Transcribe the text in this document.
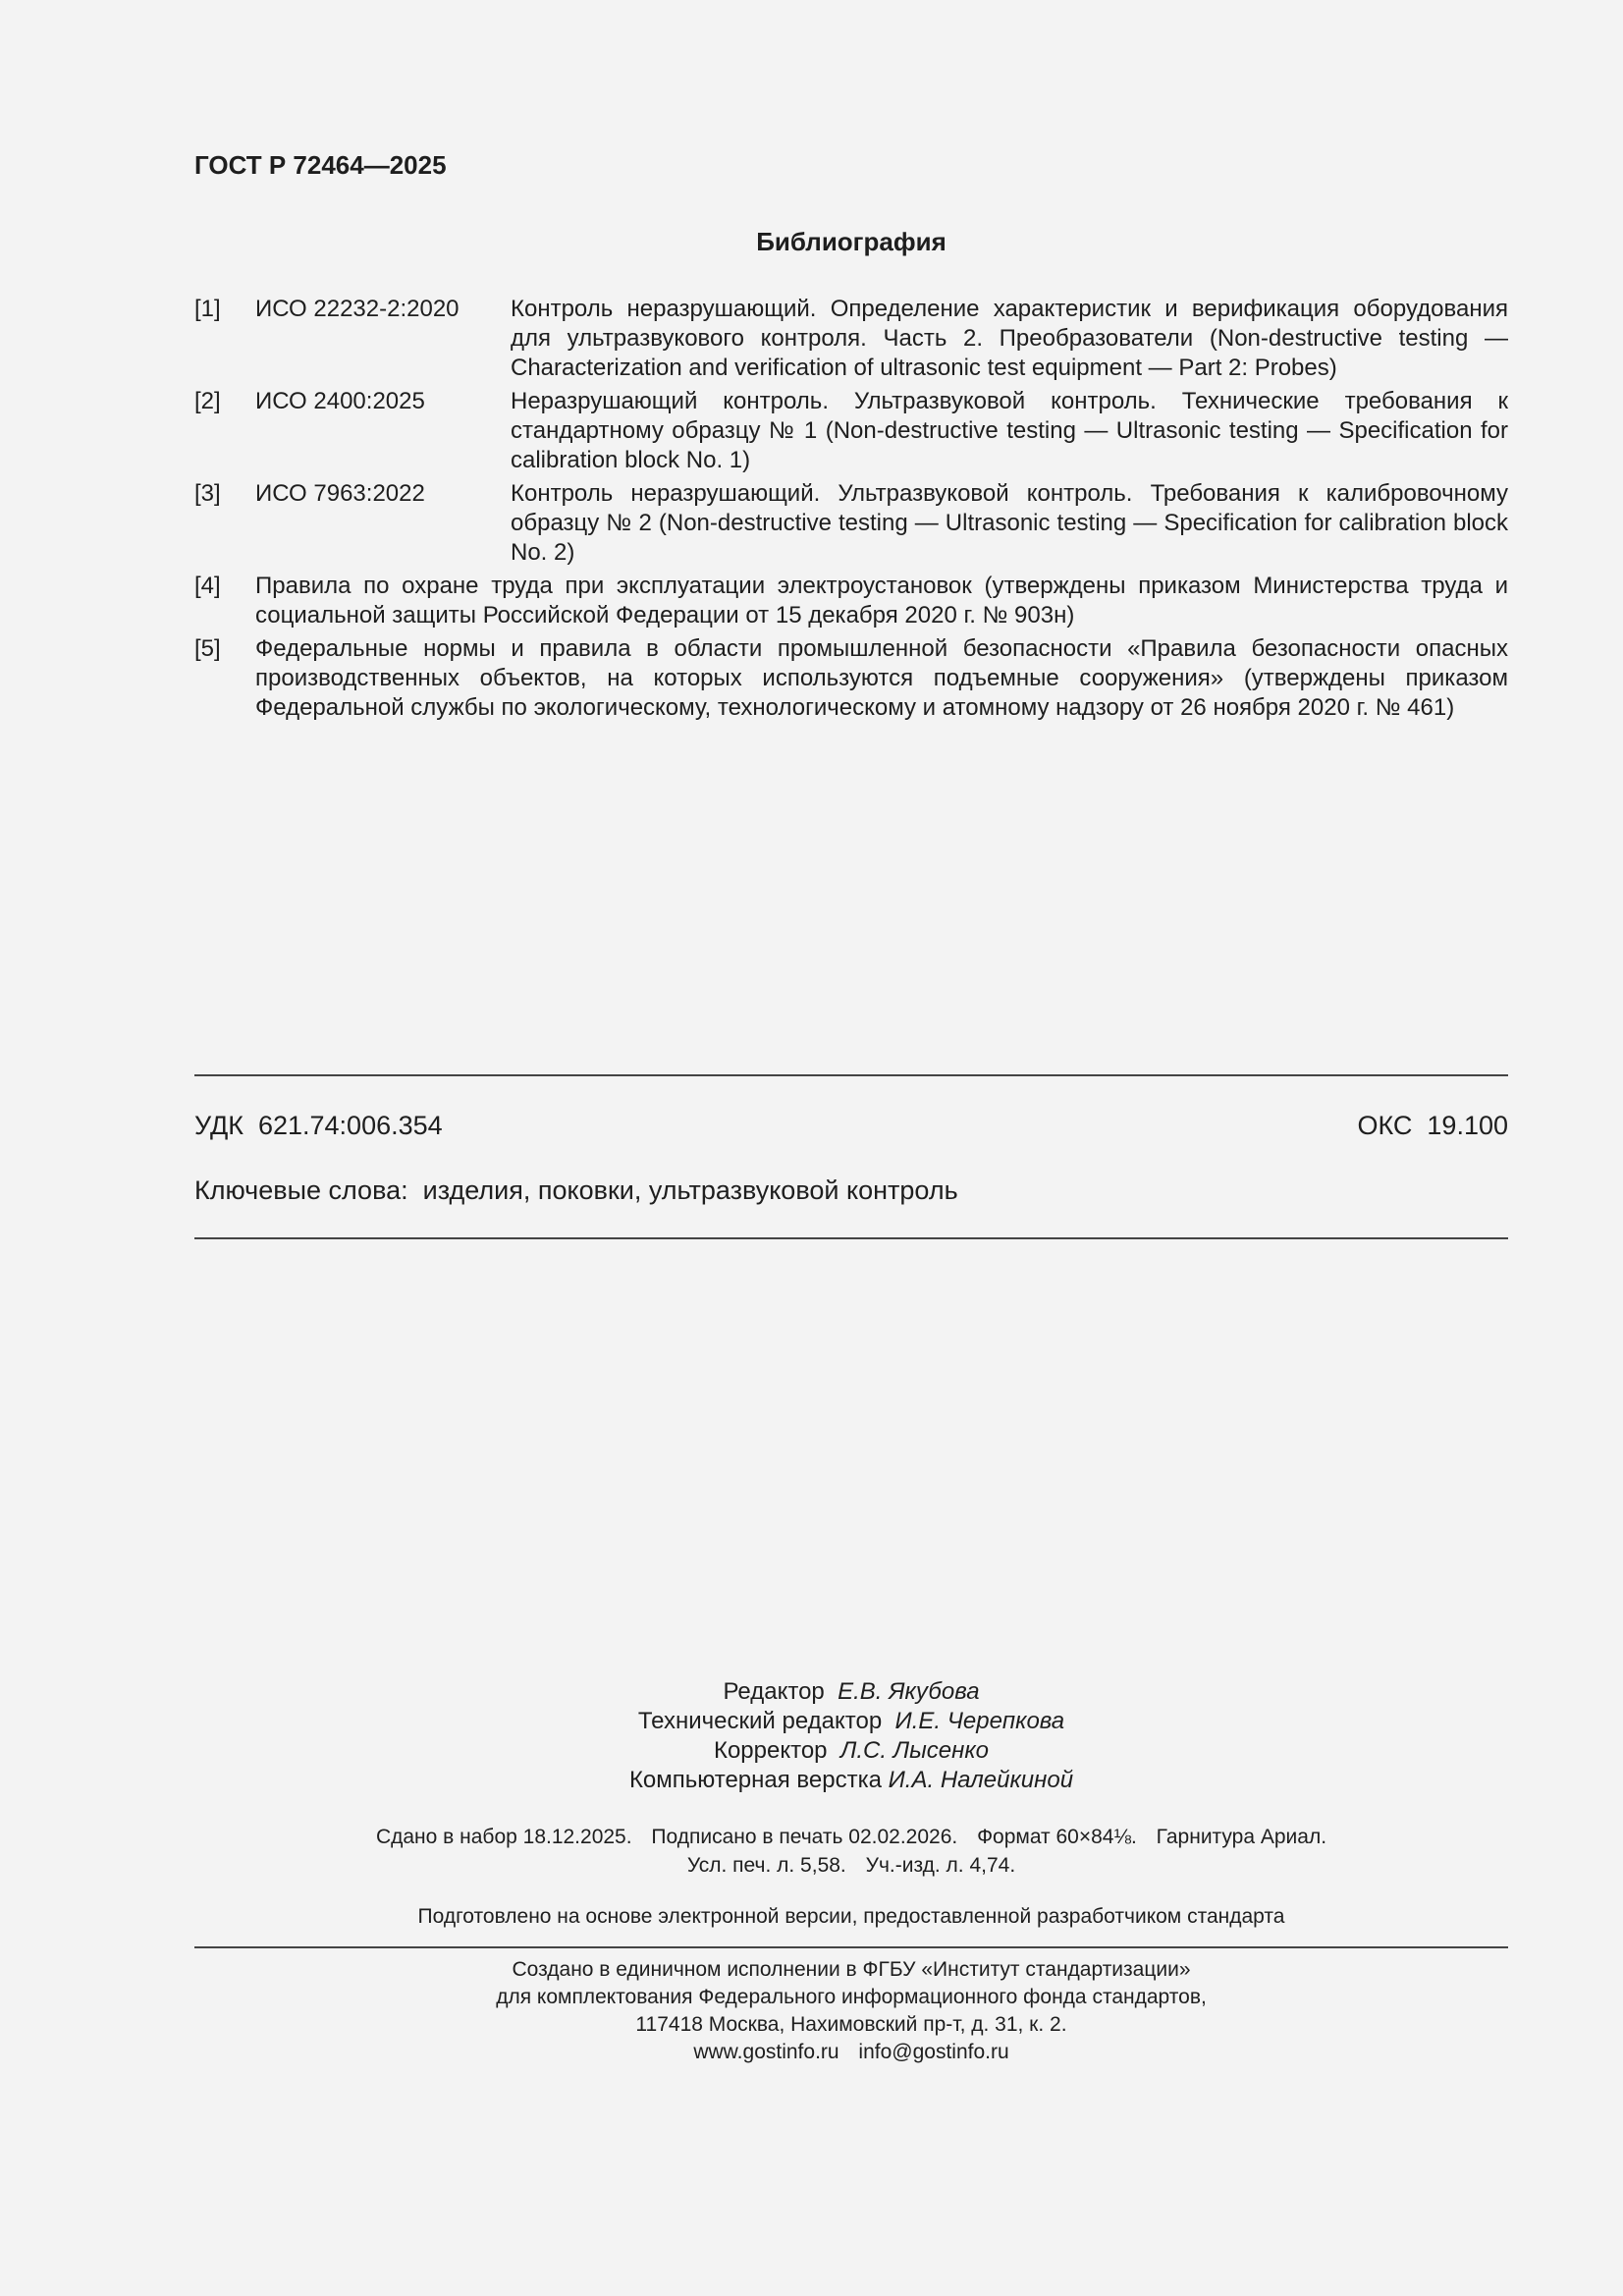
ГОСТ Р 72464—2025
Библиография
[1] ИСО 22232-2:2020 Контроль неразрушающий. Определение характеристик и верификация оборудования для ультразвукового контроля. Часть 2. Преобразователи (Non-destructive testing — Characterization and verification of ultrasonic test equipment — Part 2: Probes)
[2] ИСО 2400:2025	Неразрушающий контроль. Ультразвуковой контроль. Технические требования к стандартному образцу № 1 (Non-destructive testing — Ultrasonic testing — Specification for calibration block No. 1)
[3] ИСО 7963:2022	Контроль неразрушающий. Ультразвуковой контроль. Требования к калибровочному образцу № 2 (Non-destructive testing — Ultrasonic testing — Specification for calibration block No. 2)
[4] Правила по охране труда при эксплуатации электроустановок (утверждены приказом Министерства труда и социальной защиты Российской Федерации от 15 декабря 2020 г. № 903н)
[5] Федеральные нормы и правила в области промышленной безопасности «Правила безопасности опасных производственных объектов, на которых используются подъемные сооружения» (утверждены приказом Федеральной службы по экологическому, технологическому и атомному надзору от 26 ноября 2020 г. № 461)
УДК 621.74:006.354	ОКС 19.100
Ключевые слова: изделия, поковки, ультразвуковой контроль
Редактор Е.В. Якубова
Технический редактор И.Е. Черепкова
Корректор Л.С. Лысенко
Компьютерная верстка И.А. Налейкиной
Сдано в набор 18.12.2025. Подписано в печать 02.02.2026. Формат 60×84⅛. Гарнитура Ариал.
Усл. печ. л. 5,58. Уч.-изд. л. 4,74.
Подготовлено на основе электронной версии, предоставленной разработчиком стандарта
Создано в единичном исполнении в ФГБУ «Институт стандартизации»
для комплектования Федерального информационного фонда стандартов,
117418 Москва, Нахимовский пр-т, д. 31, к. 2.
www.gostinfo.ru info@gostinfo.ru
